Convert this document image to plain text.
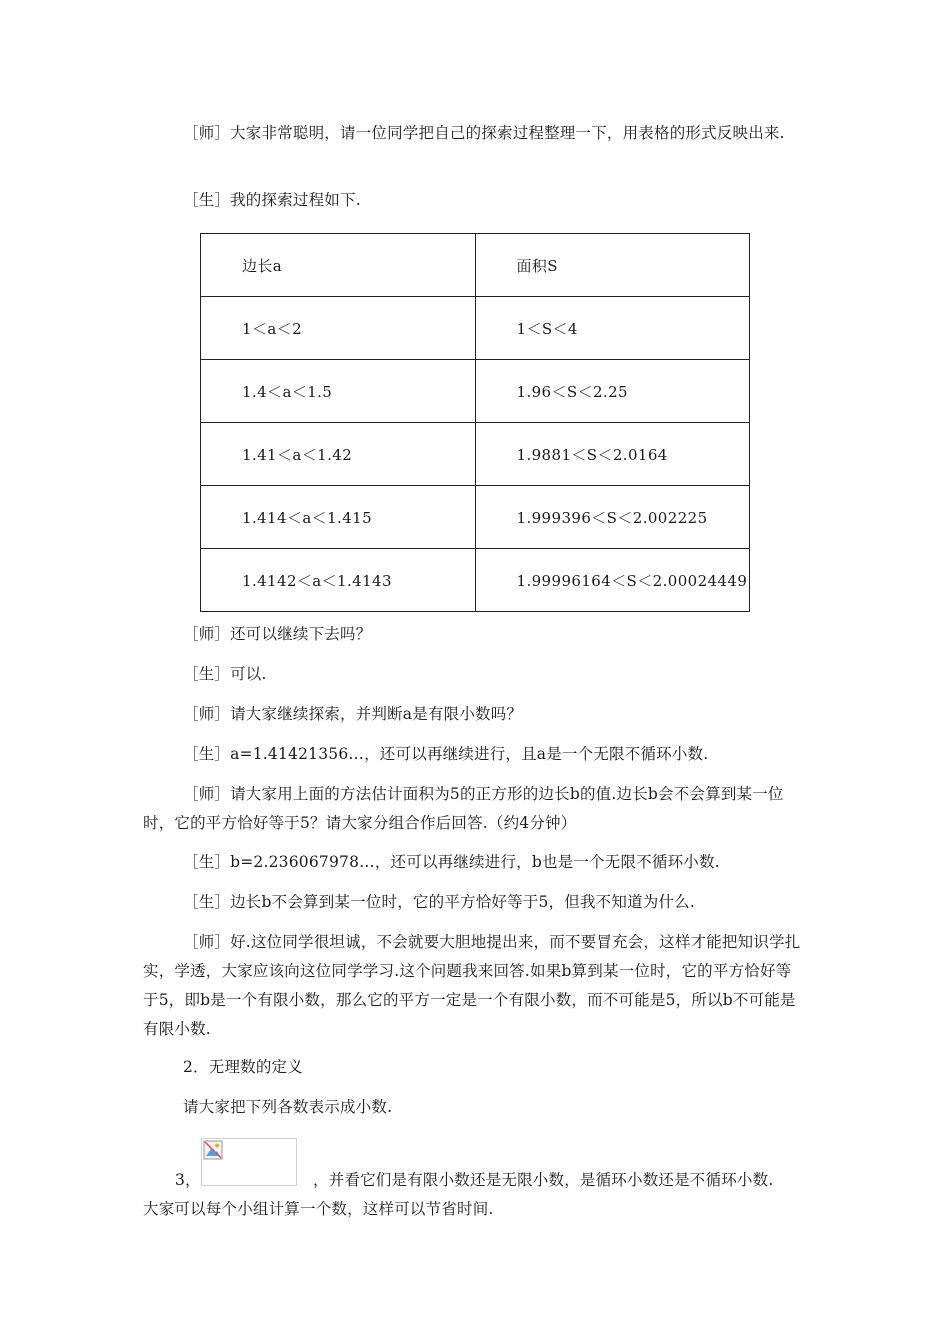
［师］大家非常聪明，请一位同学把自己的探索过程整理一下，用表格的形式反映出来.

［生］我的探索过程如下.

边长a	面积S
1＜a＜2	1＜S＜4
1.4＜a＜1.5	1.96＜S＜2.25
1.41＜a＜1.42	1.9881＜S＜2.0164
1.414＜a＜1.415	1.999396＜S＜2.002225
1.4142＜a＜1.4143	1.99996164＜S＜2.00024449

［师］还可以继续下去吗？

［生］可以.

［师］请大家继续探索，并判断a是有限小数吗？

［生］a=1.41421356…，还可以再继续进行，且a是一个无限不循环小数.

［师］请大家用上面的方法估计面积为5的正方形的边长b的值.边长b会不会算到某一位时，它的平方恰好等于5？请大家分组合作后回答.（约4分钟）

［生］b=2.236067978…，还可以再继续进行，b也是一个无限不循环小数.

［生］边长b不会算到某一位时，它的平方恰好等于5，但我不知道为什么.

［师］好.这位同学很坦诚，不会就要大胆地提出来，而不要冒充会，这样才能把知识学扎实，学透，大家应该向这位同学学习.这个问题我来回答.如果b算到某一位时，它的平方恰好等于5，即b是一个有限小数，那么它的平方一定是一个有限小数，而不可能是5，所以b不可能是有限小数.

2．无理数的定义

请大家把下列各数表示成小数.

3，	，并看它们是有限小数还是无限小数，是循环小数还是不循环小数.
大家可以每个小组计算一个数，这样可以节省时间.
